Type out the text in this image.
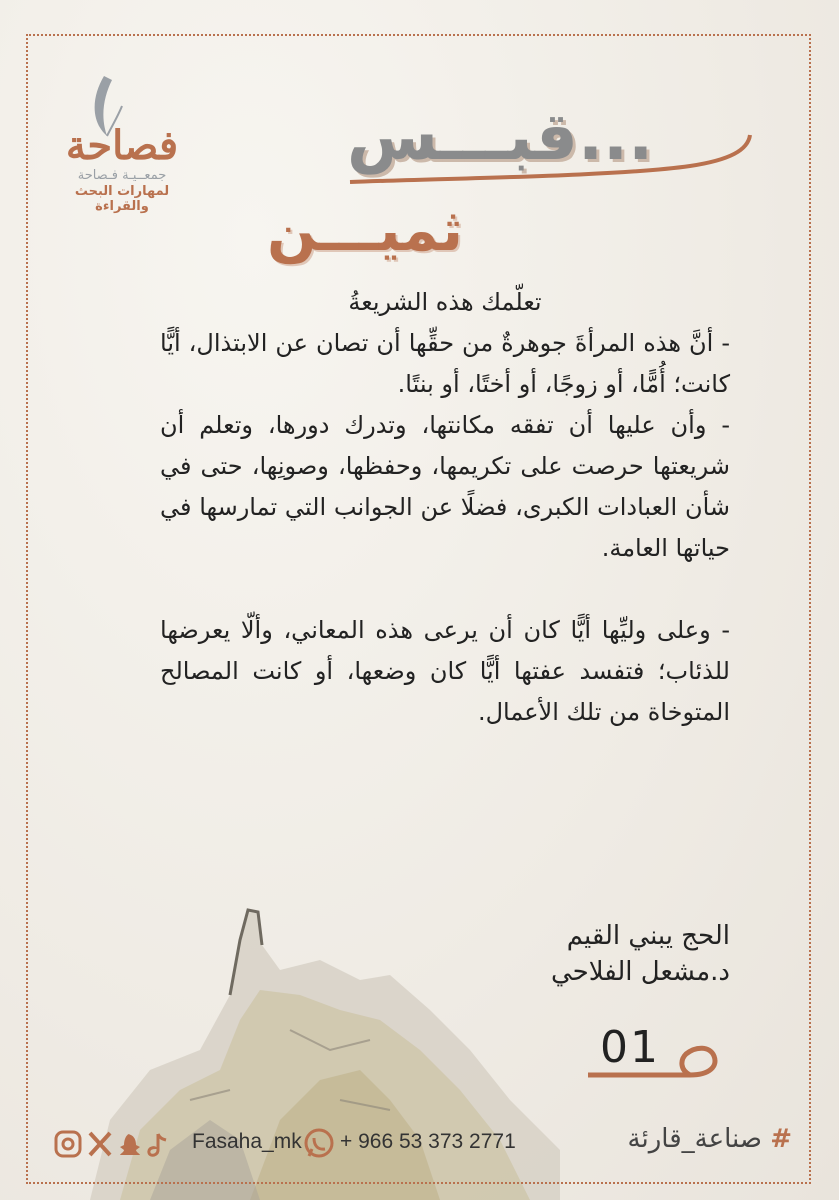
فصاحة
جمعــيـة فـصاحة
لمهارات البحث والقراءة
قبـــس...
ثميـــن
تعلّمك هذه الشريعةُ

- أنَّ هذه المرأةَ جوهرةٌ من حقِّها أن تصان عن الابتذال، أيًّا كانت؛ أُمًّا، أو زوجًا، أو أختًا، أو بنتًا.

- وأن عليها أن تفقه مكانتها، وتدرك دورها، وتعلم أن شريعتها حرصت على تكريمها، وحفظها، وصونِها، حتى في شأن العبادات الكبرى، فضلًا عن الجوانب التي تمارسها في حياتها العامة.

- وعلى وليِّها أيًّا كان أن يرعى هذه المعاني، وألّا يعرضها للذئاب؛ فتفسد عفتها أيًّا كان وضعها، أو كانت المصالح المتوخاة من تلك الأعمال.

الحج يبني القيم
د.مشعل الفلاحي
01
# صناعة_قارئة
+ 966 53 373 2771
Fasaha_mk
